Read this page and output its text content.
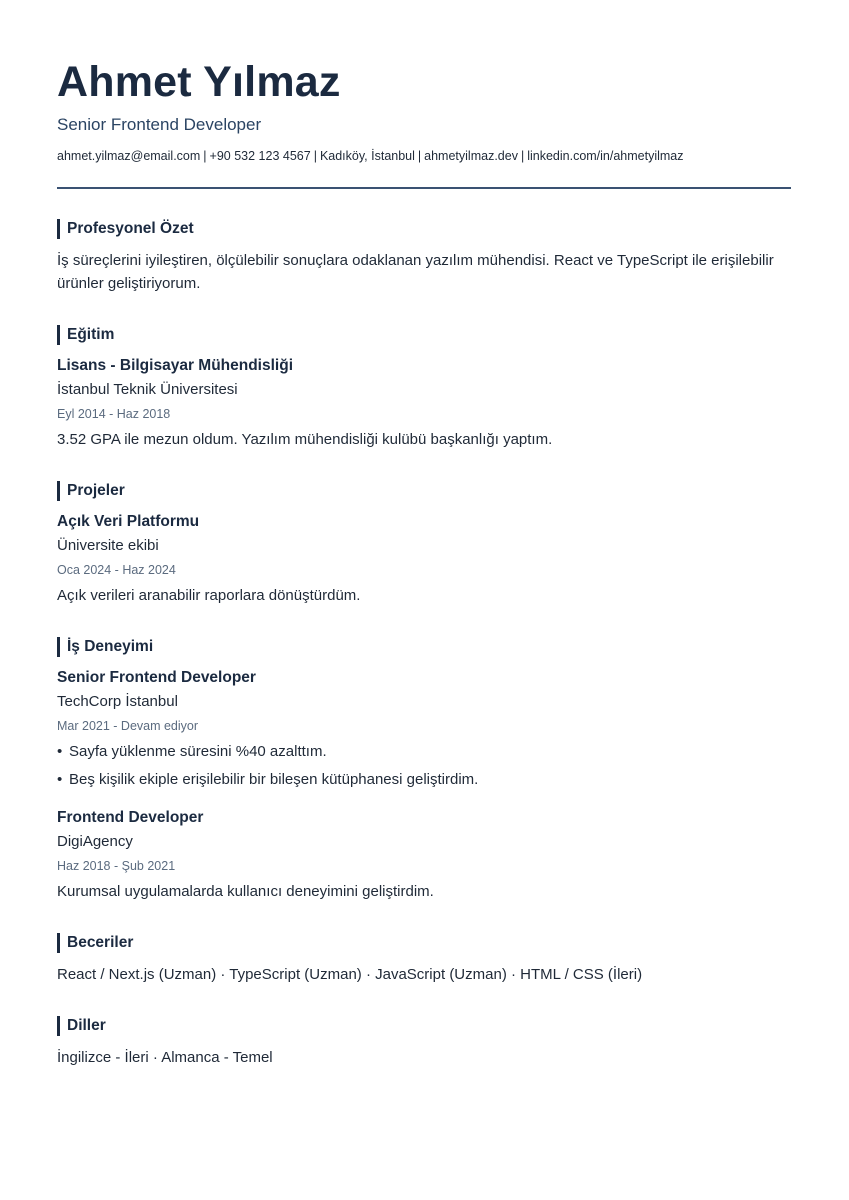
Ahmet Yılmaz
Senior Frontend Developer
ahmet.yilmaz@email.com | +90 532 123 4567 | Kadıköy, İstanbul | ahmetyilmaz.dev | linkedin.com/in/ahmetyilmaz
Profesyonel Özet
İş süreçlerini iyileştiren, ölçülebilir sonuçlara odaklanan yazılım mühendisi. React ve TypeScript ile erişilebilir ürünler geliştiriyorum.
Eğitim
Lisans - Bilgisayar Mühendisliği
İstanbul Teknik Üniversitesi
Eyl 2014 - Haz 2018
3.52 GPA ile mezun oldum. Yazılım mühendisliği kulübü başkanlığı yaptım.
Projeler
Açık Veri Platformu
Üniversite ekibi
Oca 2024 - Haz 2024
Açık verileri aranabilir raporlara dönüştürdüm.
İş Deneyimi
Senior Frontend Developer
TechCorp İstanbul
Mar 2021 - Devam ediyor
• Sayfa yüklenme süresini %40 azalttım.
• Beş kişilik ekiple erişilebilir bir bileşen kütüphanesi geliştirdim.
Frontend Developer
DigiAgency
Haz 2018 - Şub 2021
Kurumsal uygulamalarda kullanıcı deneyimini geliştirdim.
Beceriler
React / Next.js (Uzman) · TypeScript (Uzman) · JavaScript (Uzman) · HTML / CSS (İleri)
Diller
İngilizce - İleri · Almanca - Temel
